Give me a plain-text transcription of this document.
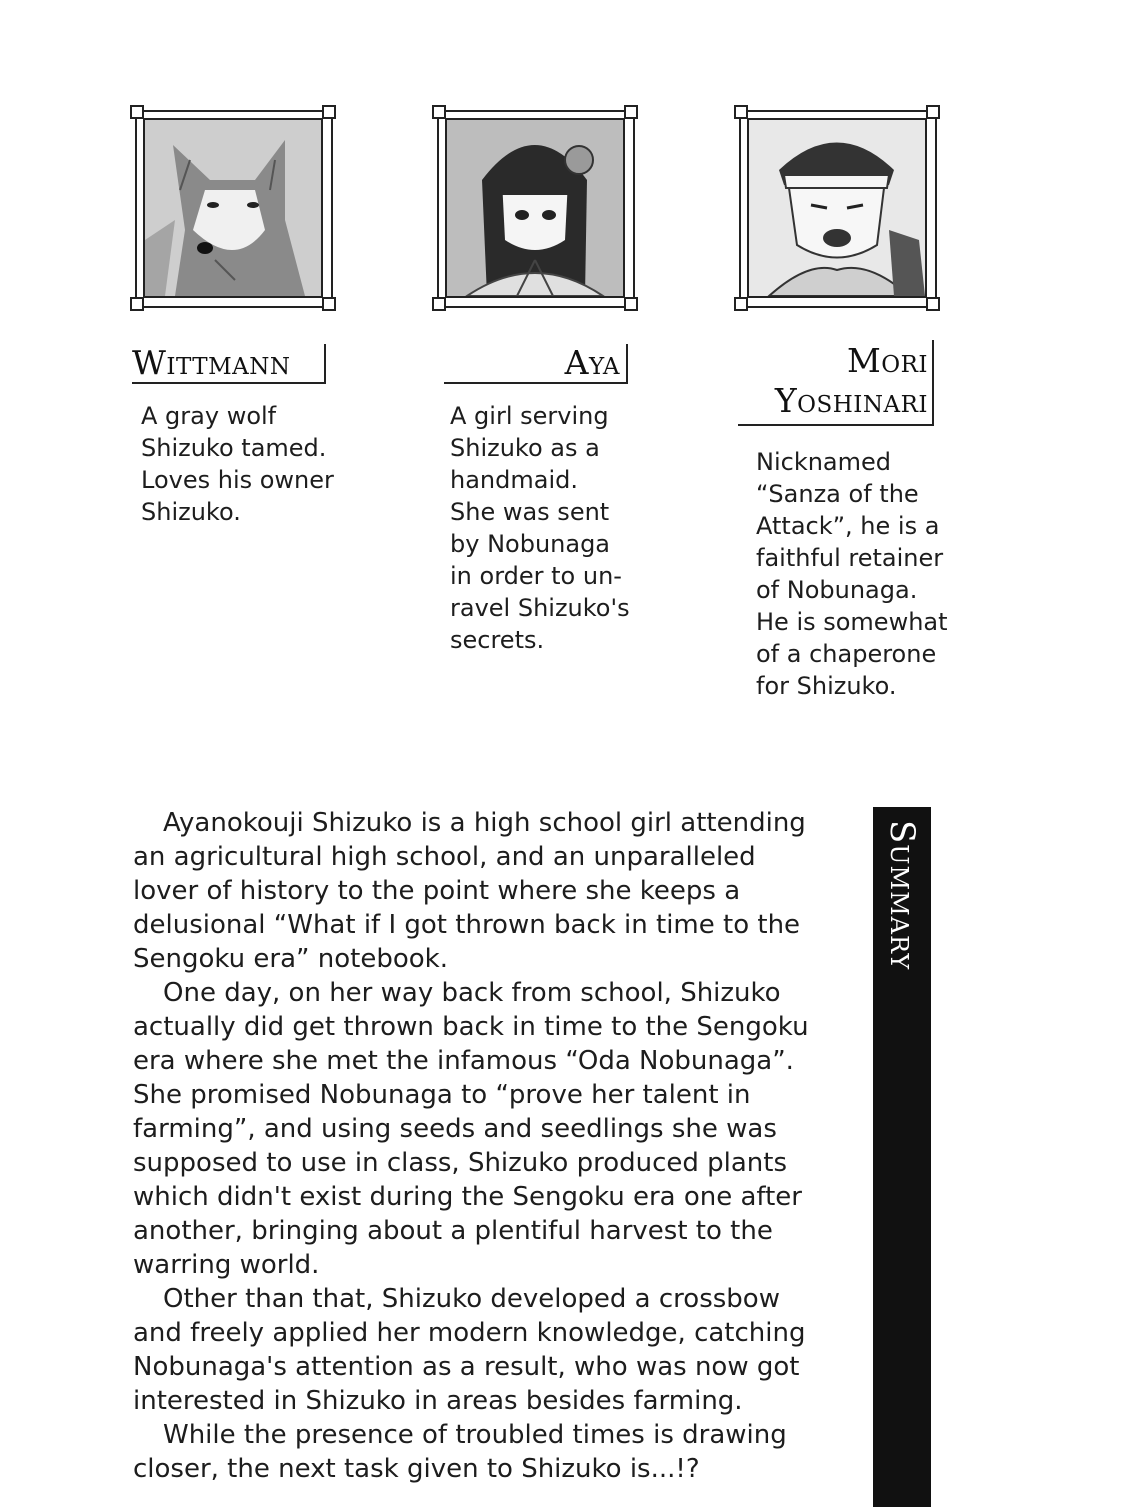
Wittmann	Aya	Mori
Yoshinari

A gray wolf
Shizuko tamed.
Loves his owner
Shizuko.

A girl serving
Shizuko as a
handmaid.
She was sent
by Nobunaga
in order to un-
ravel Shizuko's
secrets.

Nicknamed
“Sanza of the
Attack”, he is a
faithful retainer
of Nobunaga.
He is somewhat
of a chaperone
for Shizuko.

Ayanokouji Shizuko is a high school girl attending an agricultural high school, and an unparalleled lover of history to the point where she keeps a delusional “What if I got thrown back in time to the Sengoku era” notebook.

One day, on her way back from school, Shizuko actually did get thrown back in time to the Sengoku era where she met the infamous “Oda Nobunaga”. She promised Nobunaga to “prove her talent in farming”, and using seeds and seedlings she was supposed to use in class, Shizuko produced plants which didn't exist during the Sengoku era one after another, bringing about a plentiful harvest to the warring world.

Other than that, Shizuko developed a crossbow and freely applied her modern knowledge, catching Nobunaga's attention as a result, who was now got interested in Shizuko in areas besides farming.

While the presence of troubled times is drawing closer, the next task given to Shizuko is...!?

Summary
